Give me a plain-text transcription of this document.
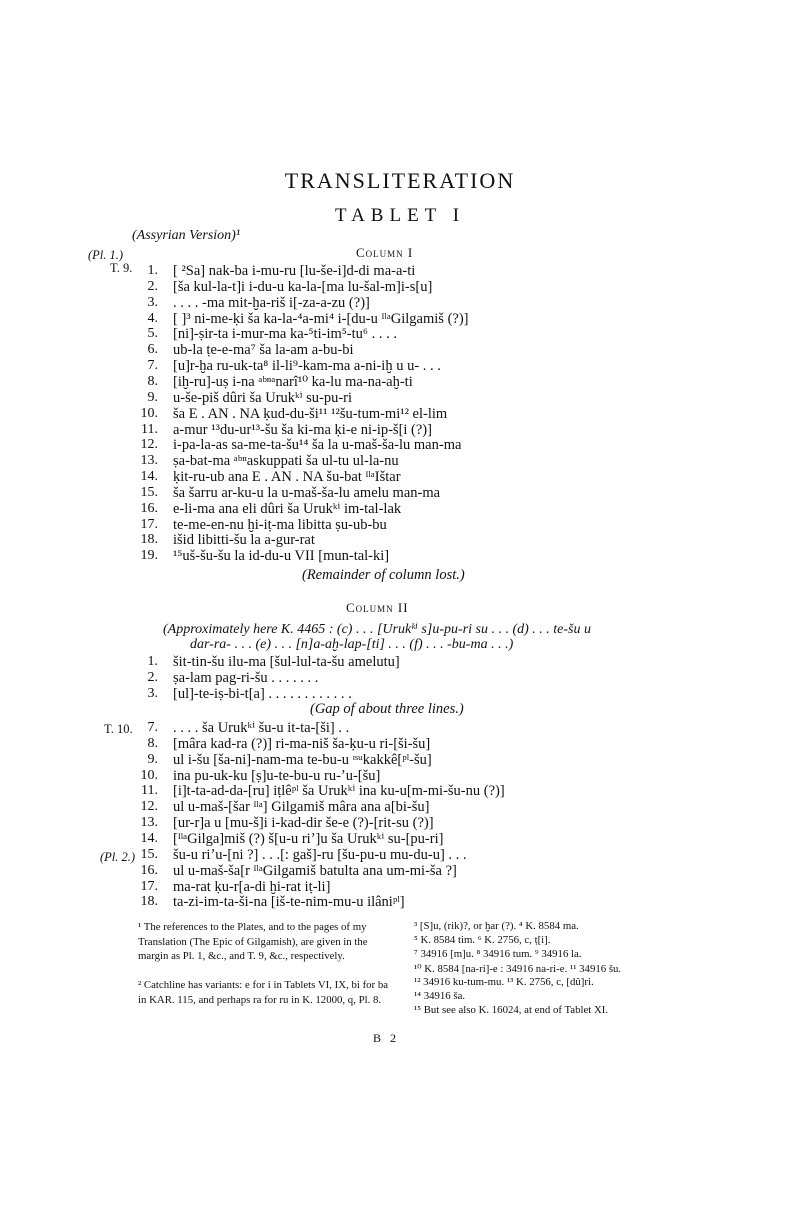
TRANSLITERATION
TABLET I
(Assyrian Version)¹
Column I
(Pl. 1.)
T. 9.	1. [ ²Sa] nak-ba i-mu-ru [lu-še-i]d-di ma-a-ti
2. [ša kul-la-t]i i-du-u ka-la-[ma lu-šal-m]i-s[u]
3. . . . . -ma mit-ḫa-riš i[-za-a-zu (?)]
4. [ ]³ ni-me-ḳi ša ka-la-⁴a-mi⁴ i-[du-u ᴵˡᵃGilgamiš (?)]
5. [ni]-ṣir-ta i-mur-ma ka-⁵ti-im⁵-tu⁶ . . . .
6. ub-la ṭe-e-ma⁷ ša la-am a-bu-bi
7. [u]r-ḫa ru-uk-ta⁸ il-li⁹-kam-ma a-ni-iḫ u u- . . .
8. [iḫ-ru]-uṣ i-na ᵃᵇⁿᵃnarî¹⁰ ka-lu ma-na-aḫ-ti
9. u-še-piš dûri ša Urukᵏⁱ su-pu-ri
10. ša E . AN . NA ḳud-du-ši¹¹ ¹²šu-tum-mi¹² el-lim
11. a-mur ¹³du-ur¹³-šu ša ki-ma ḳi-e ni-ip-š[i (?)]
12. i-pa-la-as sa-me-ta-šu¹⁴ ša la u-maš-ša-lu man-ma
13. ṣa-bat-ma ᵃᵇⁿaskuppati ša ul-tu ul-la-nu
14. ḳit-ru-ub ana E . AN . NA šu-bat ᴵˡᵃIštar
15. ša šarru ar-ku-u la u-maš-ša-lu amelu man-ma
16. e-li-ma ana eli dûri ša Urukᵏⁱ im-tal-lak
17. te-me-en-nu ḫi-iṭ-ma libitta ṣu-ub-bu
18. išid libitti-šu la a-gur-rat
19. ¹⁵uš-šu-šu la id-du-u VII [mun-tal-ki]
(Remainder of column lost.)
Column II
(Approximately here K. 4465 : (c) . . . [Urukᵏⁱ s]u-pu-ri su . . . (d) . . . te-šu u
dar-ra- . . . (e) . . . [n]a-aḫ-lap-[ti] . . . (f) . . . -bu-ma . . .)
1. šit-tin-šu ilu-ma [šul-lul-ta-šu amelutu]
2. ṣa-lam pag-ri-šu . . . . . . .
3. [ul]-te-iṣ-bi-t[a] . . . . . . . . . . . .
(Gap of about three lines.)
T. 10.
(Pl. 2.)
7. . . . . ša Urukᵏⁱ šu-u it-ta-[ši] . .
8. [mâra kad-ra (?)] ri-ma-niš ša-ḳu-u ri-[ši-šu]
9. ul i-šu [ša-ni]-nam-ma te-bu-u ᶦˢᵘkakkê[ᵖˡ-šu]
10. ina pu-uk-ku [ṣ]u-te-bu-u ru-ʼu-[šu]
11. [i]t-ta-ad-da-[ru] iṭlêᵖˡ ša Urukᵏⁱ ina ku-u[m-mi-šu-nu (?)]
12. ul u-maš-[šar ᴵˡᵃ] Gilgamiš mâra ana a[bi-šu]
13. [ur-r]a u [mu-š]i i-kad-dir še-e (?)-[rit-su (?)]
14. [ᴵˡᵃGilga]miš (?) š[u-u riʼ]u ša Urukᵏⁱ su-[pu-ri]
15. šu-u riʼu-[ni ?] . . .[: gaš]-ru [šu-pu-u mu-du-u] . . .
16. ul u-maš-ša[r ᴵˡᵃGilgamiš batulta ana um-mi-ša ?]
17. ma-rat ḳu-r[a-di ḫi-rat iṭ-li]
18. ta-zi-im-ta-ši-na [iš-te-nim-mu-u ilâniᵖˡ]
¹ The references to the Plates, and to the pages of my Translation (The Epic of Gilgamish), are given in the margin as Pl. 1, &c., and T. 9, &c., respectively.
² Catchline has variants: e for i in Tablets VI, IX, bi for ba in KAR. 115, and perhaps ra for ru in K. 12000, q, Pl. 8.
³ [S]u, (rik)?, or ḫar (?). ⁴ K. 8584 ma.
⁵ K. 8584 tim. ⁶ K. 2756, c, ṭ[i].
⁷ 34916 [m]u. ⁸ 34916 tum. ⁹ 34916 la.
¹⁰ K. 8584 [na-ri]-e : 34916 na-ri-e. ¹¹ 34916 šu.
¹² 34916 ku-tum-mu. ¹³ K. 2756, c, [dû]ri.
¹⁴ 34916 ša.
¹⁵ But see also K. 16024, at end of Tablet XI.
B 2
